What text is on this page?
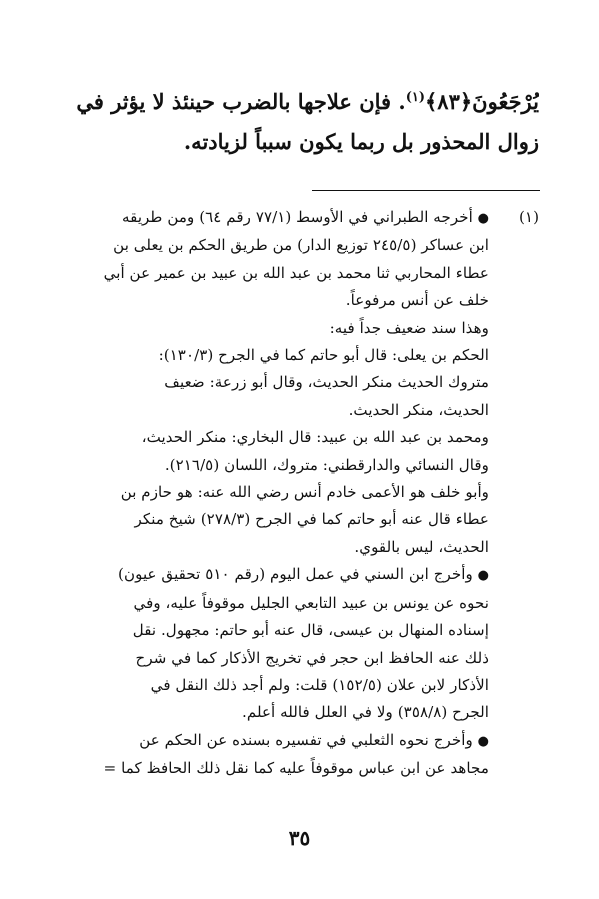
يُرْجَعُونَ﴿٨٣﴾$^{(١)}$. فإن علاجها بالضرب حينئذ لا يؤثر في
زوال المحذور بل ربما يكون سبباً لزيادته.
(١)● أخرجه الطبراني في الأوسط (٧٧/١ رقم ٦٤) ومن طريقه
ابن عساكر (٢٤٥/٥ توزيع الدار) من طريق الحكم بن يعلى بن
عطاء المحاربي ثنا محمد بن عبد الله بن عبيد بن عمير عن أبي
خلف عن أنس مرفوعاً.
وهذا سند ضعيف جداً فيه:
الحكم بن يعلى: قال أبو حاتم كما في الجرح (١٣٠/٣):
متروك الحديث منكر الحديث، وقال أبو زرعة: ضعيف
الحديث، منكر الحديث.
ومحمد بن عبد الله بن عبيد: قال البخاري: منكر الحديث،
وقال النسائي والدارقطني: متروك، اللسان (٢١٦/٥).
وأبو خلف هو الأعمى خادم أنس رضي الله عنه: هو حازم بن
عطاء قال عنه أبو حاتم كما في الجرح (٢٧٨/٣) شيخ منكر
الحديث، ليس بالقوي.
● وأخرج ابن السني في عمل اليوم (رقم ٥١٠ تحقيق عيون)
نحوه عن يونس بن عبيد التابعي الجليل موقوفاً عليه، وفي
إسناده المنهال بن عيسى، قال عنه أبو حاتم: مجهول. نقل
ذلك عنه الحافظ ابن حجر في تخريج الأذكار كما في شرح
الأذكار لابن علان (١٥٢/٥) قلت: ولم أجد ذلك النقل في
الجرح (٣٥٨/٨) ولا في العلل فالله أعلم.
● وأخرج نحوه الثعلبي في تفسيره بسنده عن الحكم عن
مجاهد عن ابن عباس موقوفاً عليه كما نقل ذلك الحافظ كما =
٣٥
